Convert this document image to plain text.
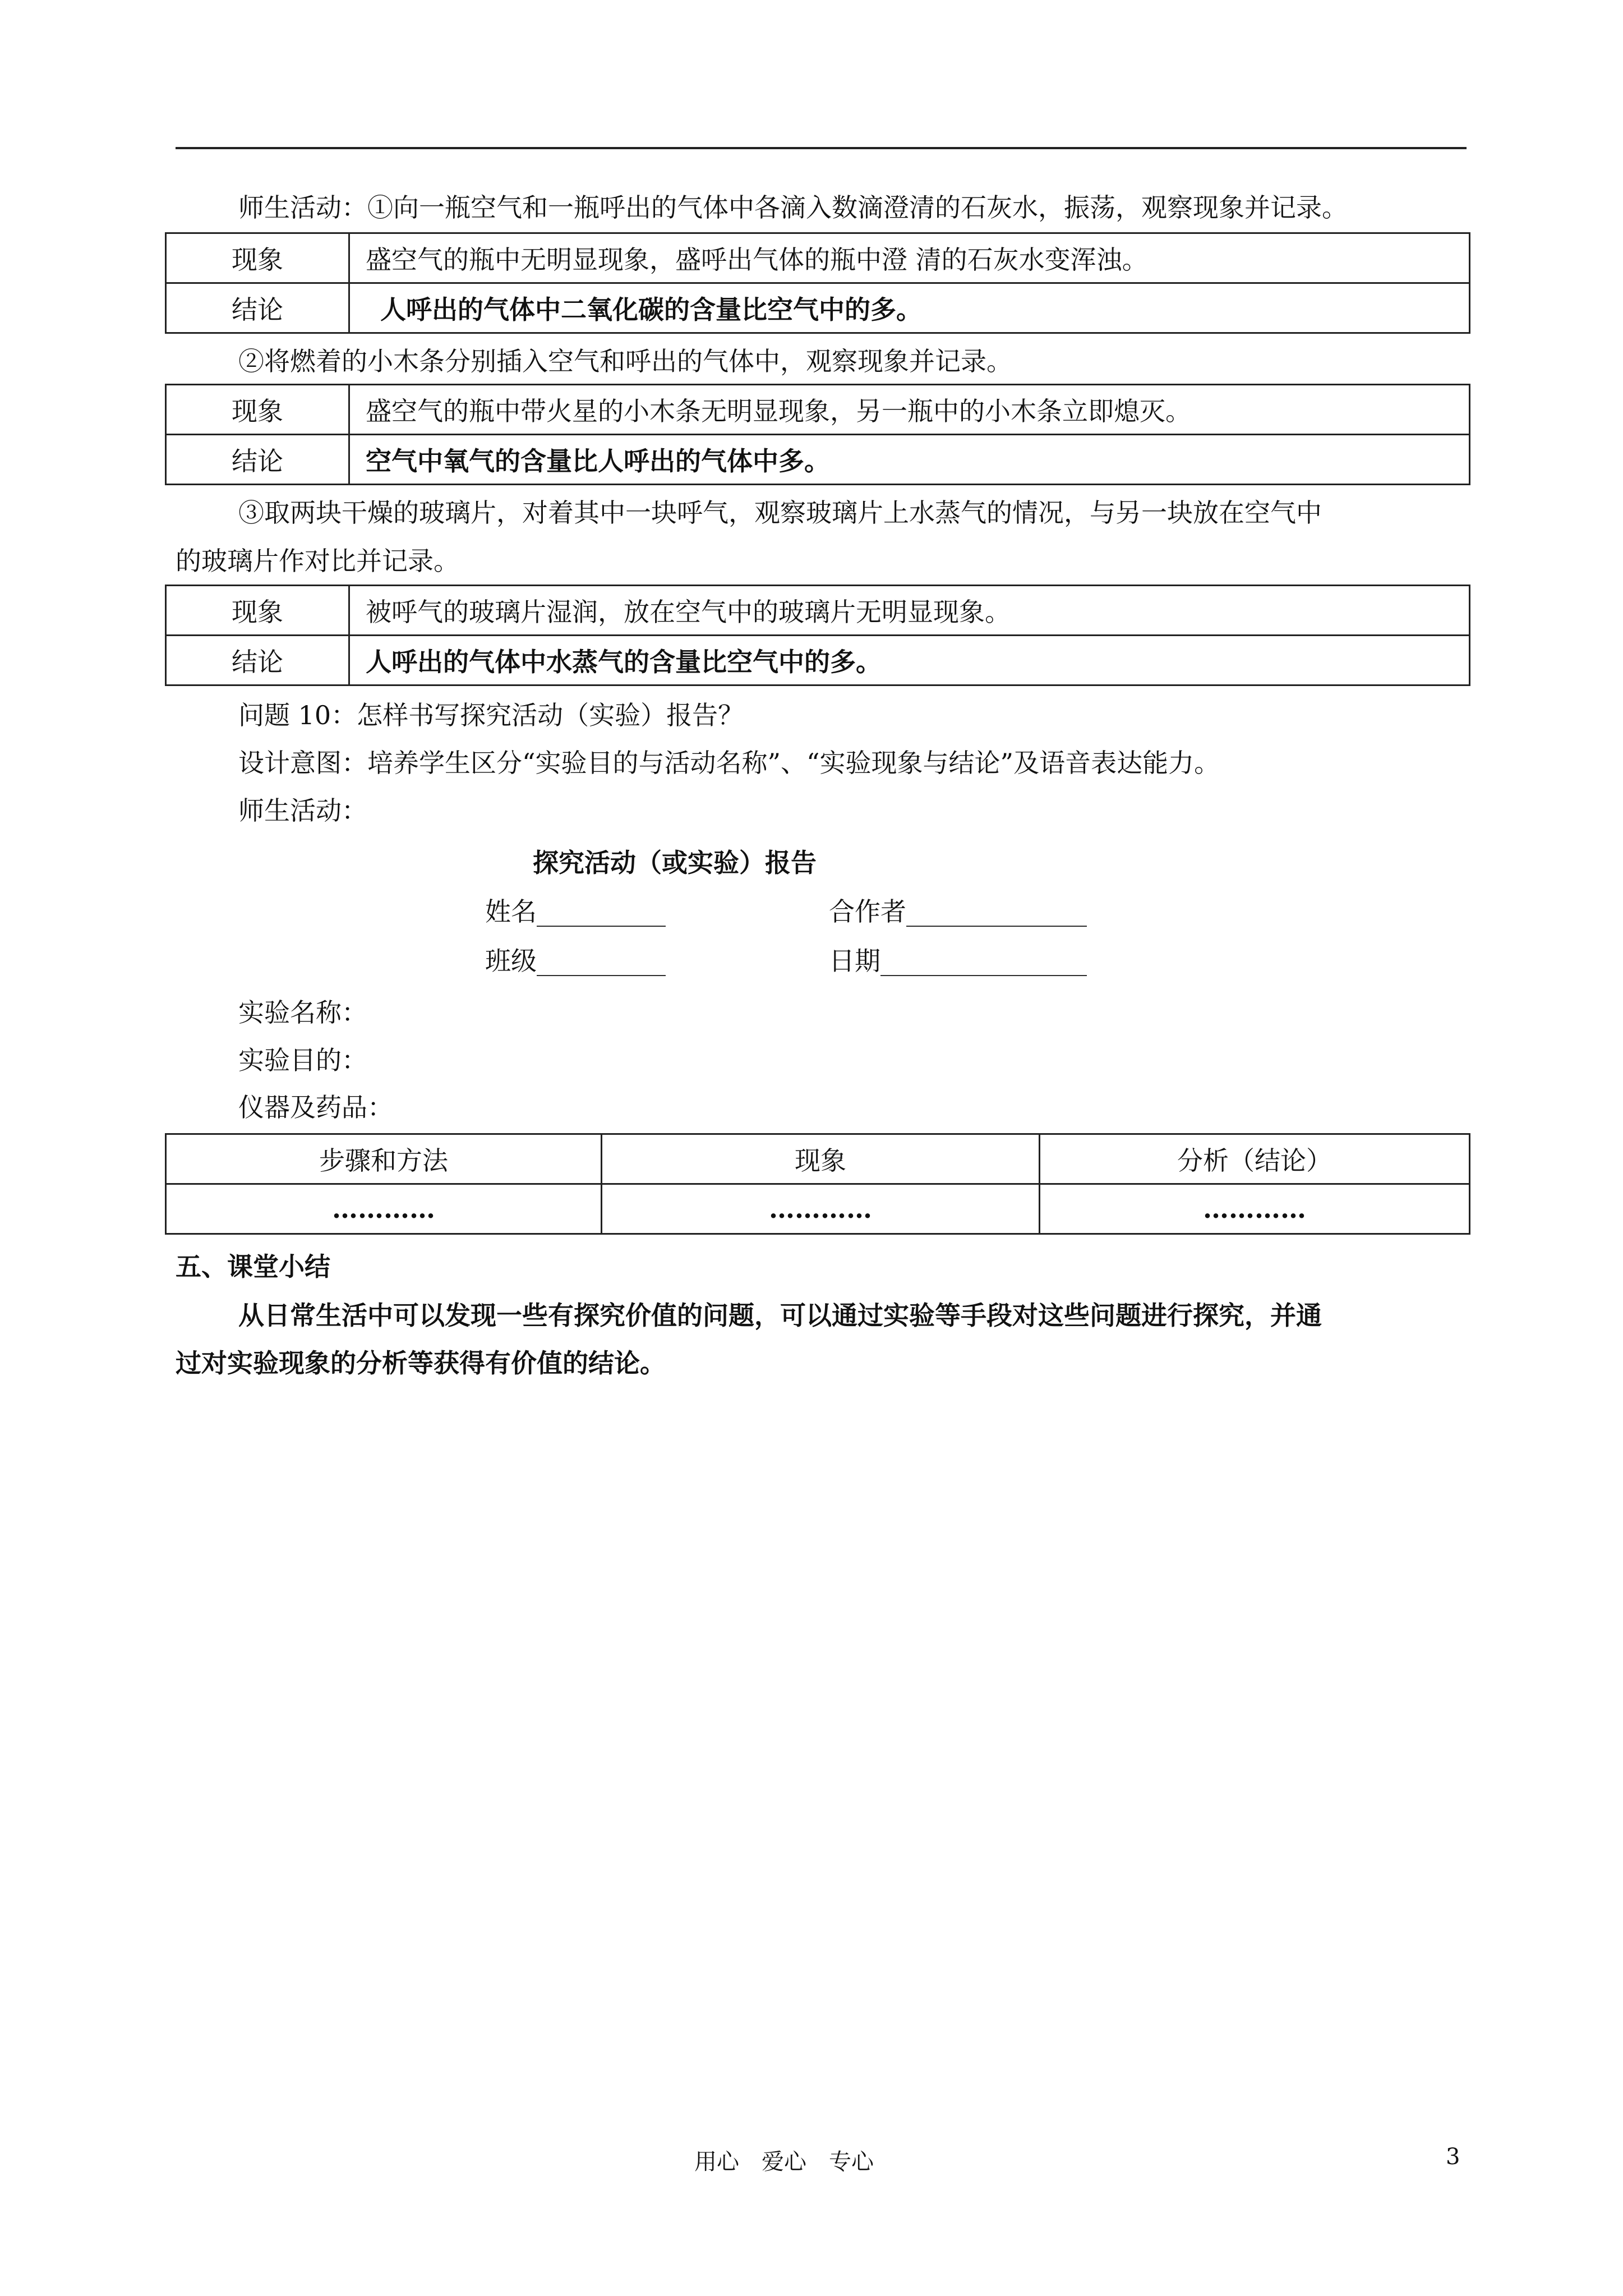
师生活动：①向一瓶空气和一瓶呼出的气体中各滴入数滴澄清的石灰水，振荡，观察现象并记录。
现象	盛空气的瓶中无明显现象，盛呼出气体的瓶中澄 清的石灰水变浑浊。
结论	人呼出的气体中二氧化碳的含量比空气中的多。
②将燃着的小木条分别插入空气和呼出的气体中，观察现象并记录。
现象	盛空气的瓶中带火星的小木条无明显现象，另一瓶中的小木条立即熄灭。
结论	空气中氧气的含量比人呼出的气体中多。
③取两块干燥的玻璃片，对着其中一块呼气，观察玻璃片上水蒸气的情况，与另一块放在空气中
的玻璃片作对比并记录。
现象	被呼气的玻璃片湿润，放在空气中的玻璃片无明显现象。
结论	人呼出的气体中水蒸气的含量比空气中的多。
问题 10：怎样书写探究活动（实验）报告？
设计意图：培养学生区分“实验目的与活动名称”、“实验现象与结论”及语音表达能力。
师生活动：
探究活动（或实验）报告
姓名__________	合作者______________
班级__________	日期________________
实验名称：
实验目的：
仪器及药品：
步骤和方法	现象	分析（结论）
…………	…………	…………
五、课堂小结
从日常生活中可以发现一些有探究价值的问题，可以通过实验等手段对这些问题进行探究，并通
过对实验现象的分析等获得有价值的结论。
用心　爱心　专心	3
